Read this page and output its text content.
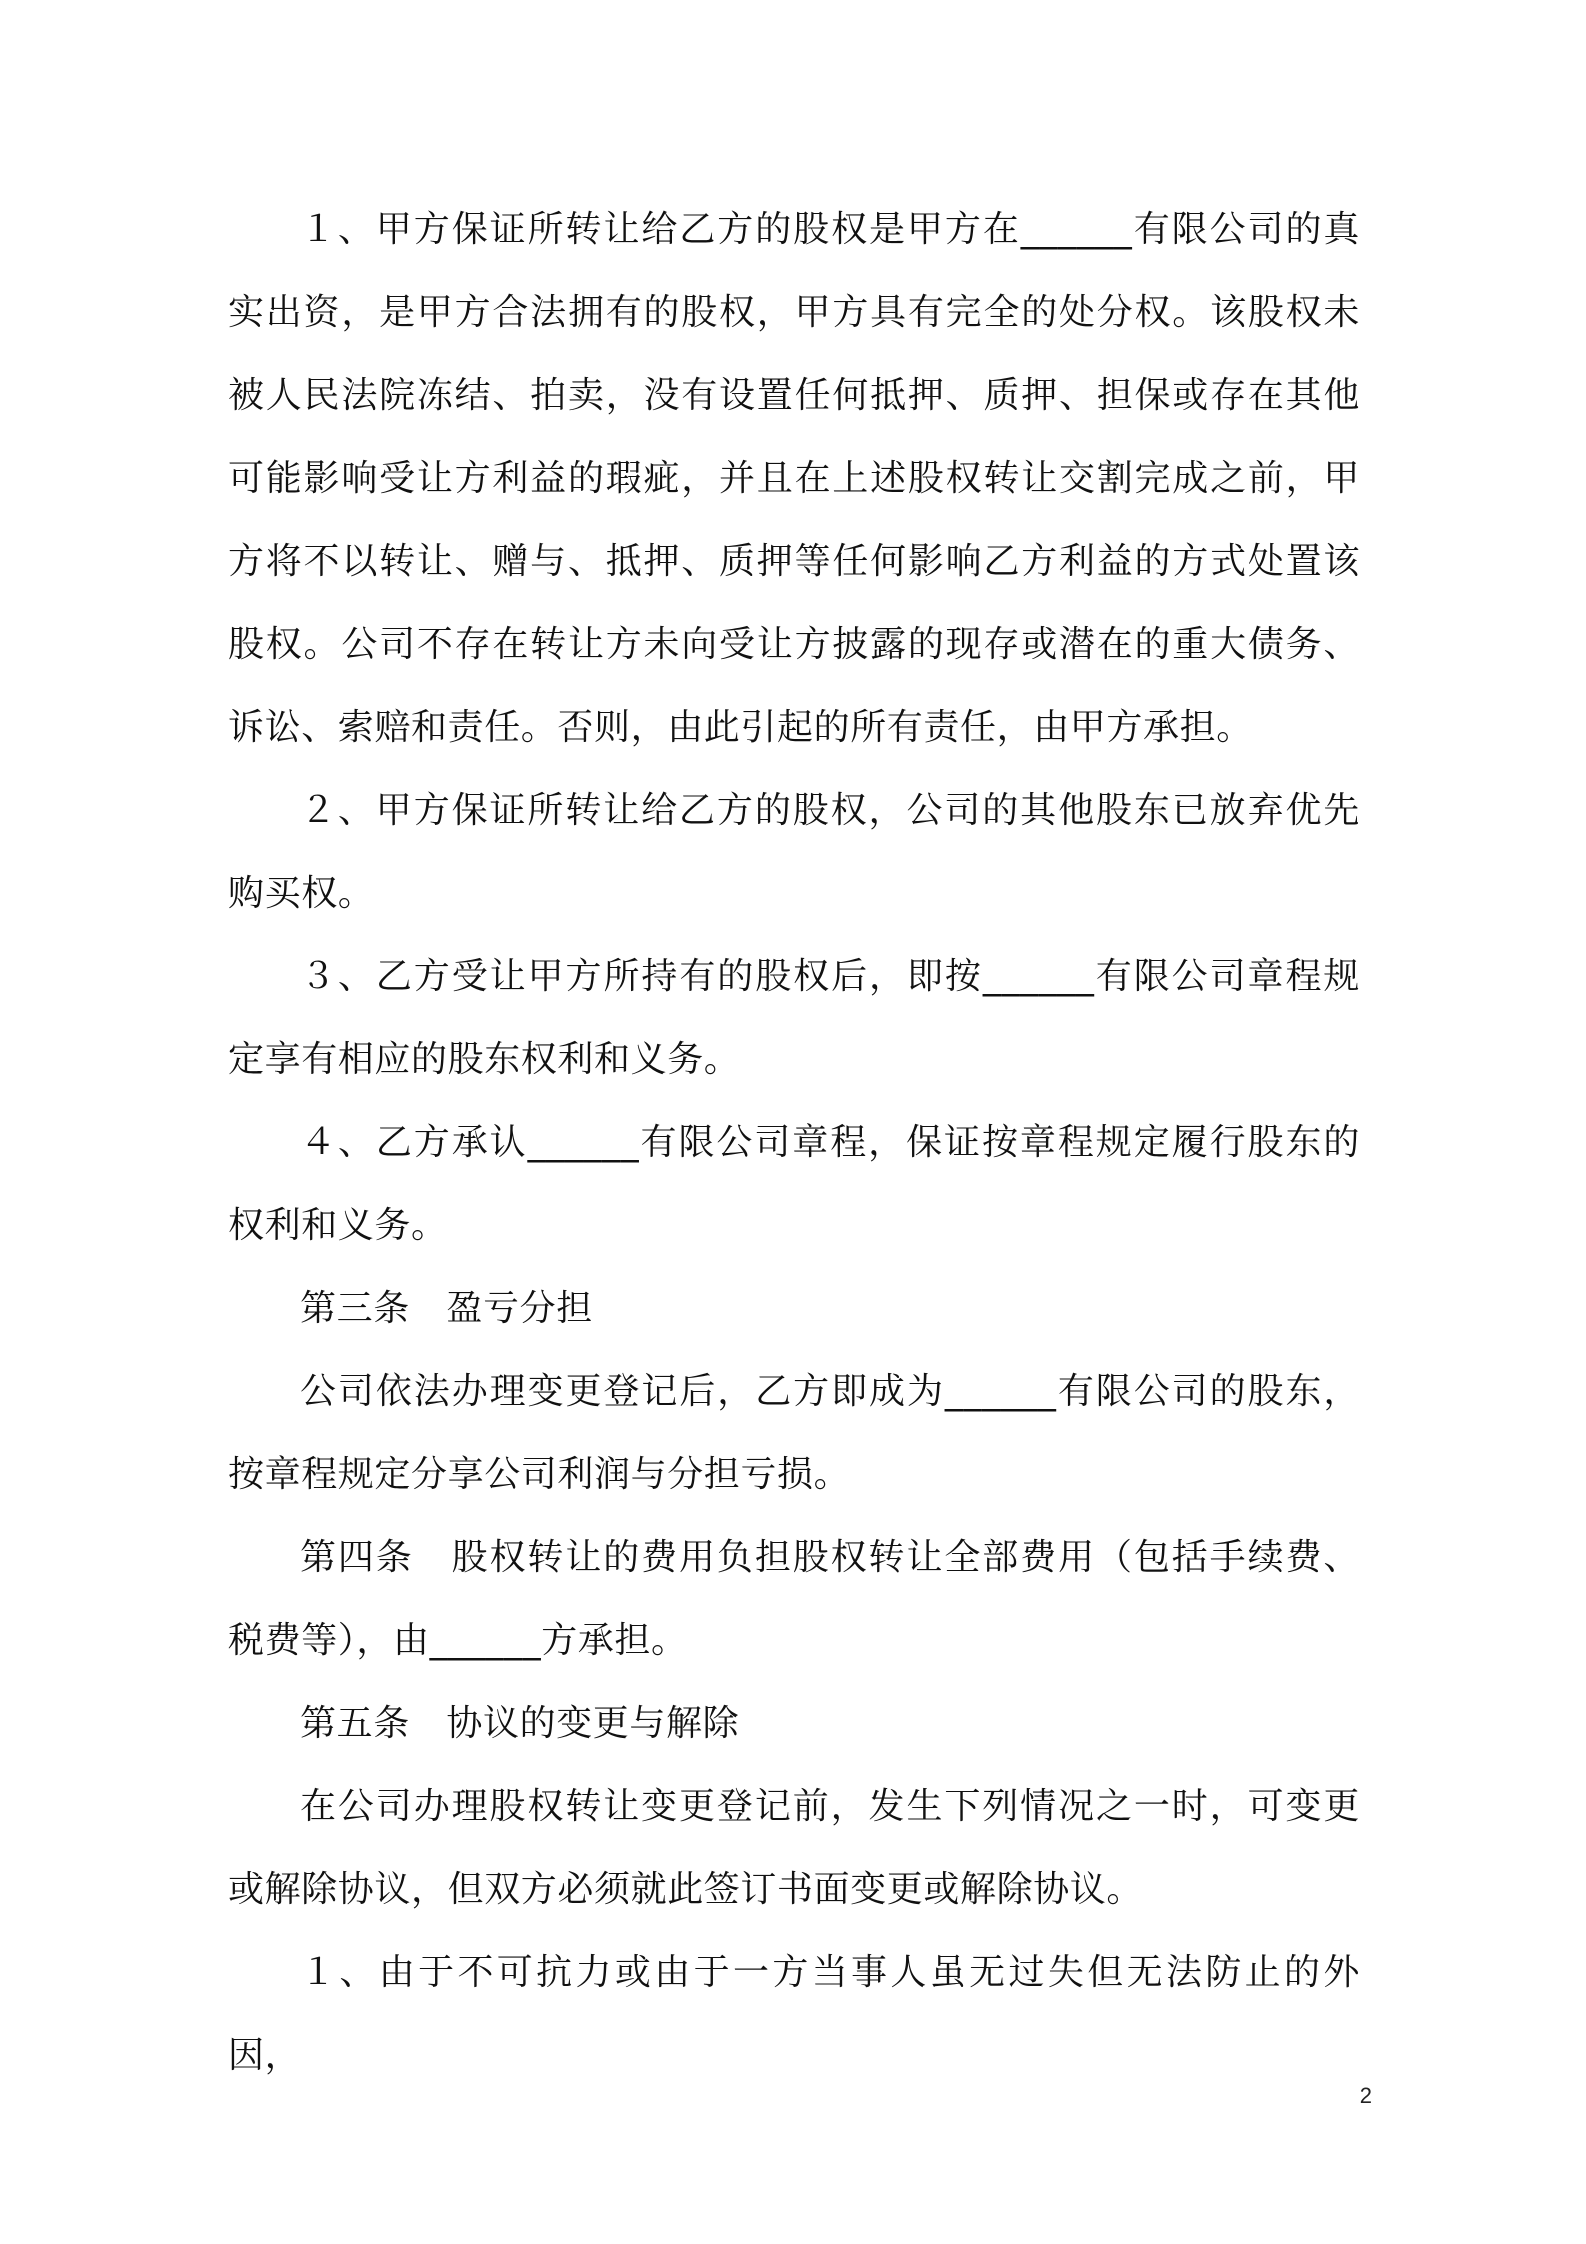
１、甲方保证所转让给乙方的股权是甲方在______有限公司的真实出资，是甲方合法拥有的股权，甲方具有完全的处分权。该股权未被人民法院冻结、拍卖，没有设置任何抵押、质押、担保或存在其他可能影响受让方利益的瑕疵，并且在上述股权转让交割完成之前，甲方将不以转让、赠与、抵押、质押等任何影响乙方利益的方式处置该股权。公司不存在转让方未向受让方披露的现存或潜在的重大债务、诉讼、索赔和责任。否则，由此引起的所有责任，由甲方承担。

２、甲方保证所转让给乙方的股权，公司的其他股东已放弃优先购买权。

３、乙方受让甲方所持有的股权后，即按______有限公司章程规定享有相应的股东权利和义务。

４、乙方承认______有限公司章程，保证按章程规定履行股东的权利和义务。

第三条　盈亏分担

公司依法办理变更登记后，乙方即成为______有限公司的股东，按章程规定分享公司利润与分担亏损。

第四条　股权转让的费用负担股权转让全部费用（包括手续费、税费等），由______方承担。

第五条　协议的变更与解除

在公司办理股权转让变更登记前，发生下列情况之一时，可变更或解除协议，但双方必须就此签订书面变更或解除协议。

１、由于不可抗力或由于一方当事人虽无过失但无法防止的外因，

2
